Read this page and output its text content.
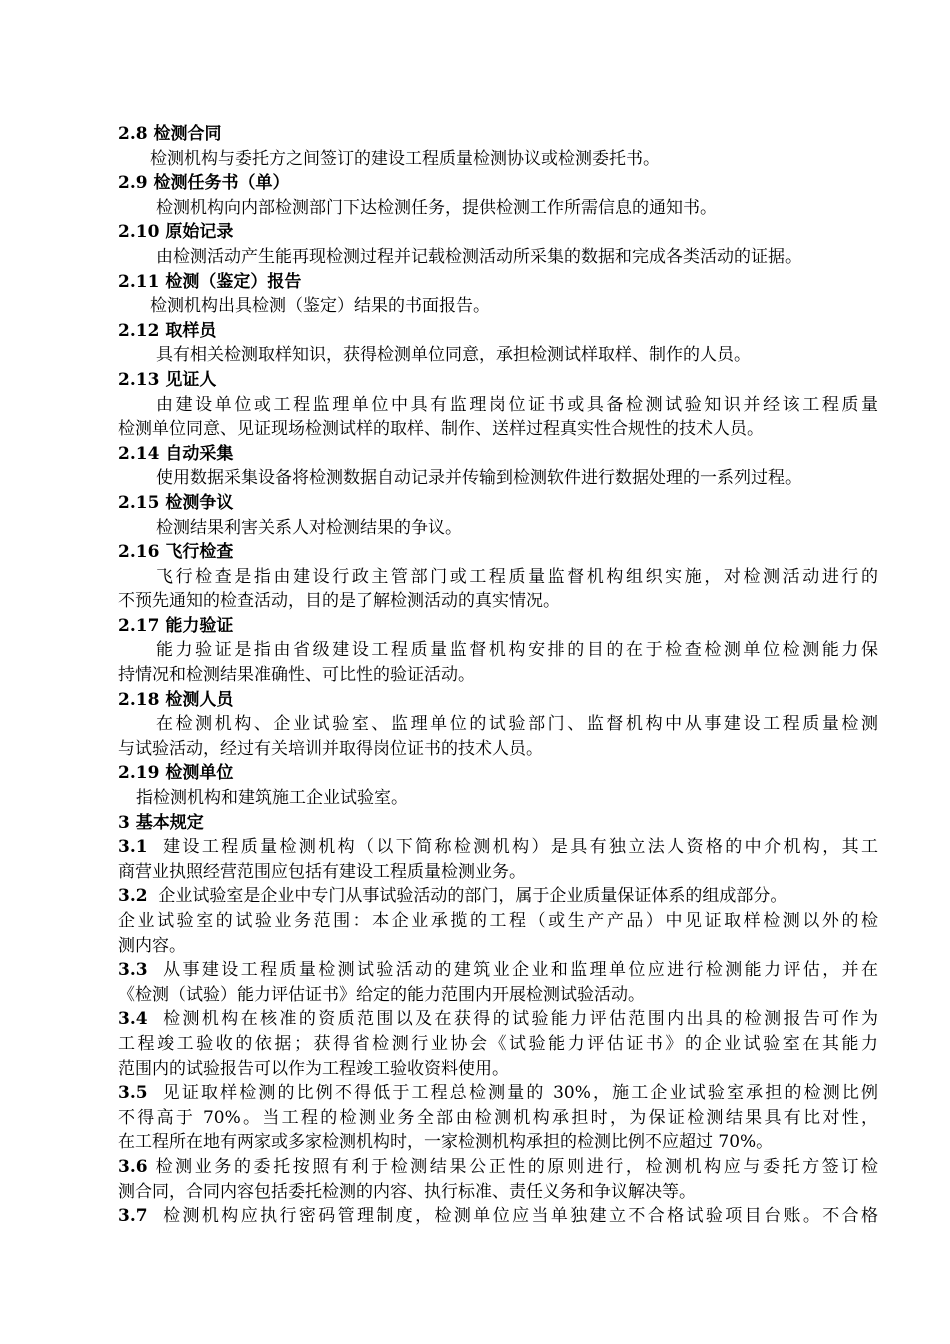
2.8 检测合同
检测机构与委托方之间签订的建设工程质量检测协议或检测委托书。
2.9 检测任务书（单）
检测机构向内部检测部门下达检测任务，提供检测工作所需信息的通知书。
2.10 原始记录
由检测活动产生能再现检测过程并记载检测活动所采集的数据和完成各类活动的证据。
2.11 检测（鉴定）报告
检测机构出具检测（鉴定）结果的书面报告。
2.12 取样员
具有相关检测取样知识，获得检测单位同意，承担检测试样取样、制作的人员。
2.13 见证人
由建设单位或工程监理单位中具有监理岗位证书或具备检测试验知识并经该工程质量
检测单位同意、见证现场检测试样的取样、制作、送样过程真实性合规性的技术人员。
2.14 自动采集
使用数据采集设备将检测数据自动记录并传输到检测软件进行数据处理的一系列过程。
2.15 检测争议
检测结果利害关系人对检测结果的争议。
2.16 飞行检查
飞行检查是指由建设行政主管部门或工程质量监督机构组织实施，对检测活动进行的
不预先通知的检查活动，目的是了解检测活动的真实情况。
2.17 能力验证
能力验证是指由省级建设工程质量监督机构安排的目的在于检查检测单位检测能力保
持情况和检测结果准确性、可比性的验证活动。
2.18 检测人员
在检测机构、企业试验室、监理单位的试验部门、监督机构中从事建设工程质量检测
与试验活动，经过有关培训并取得岗位证书的技术人员。
2.19 检测单位
指检测机构和建筑施工企业试验室。
3 基本规定
3.1  建设工程质量检测机构（以下简称检测机构）是具有独立法人资格的中介机构，其工
商营业执照经营范围应包括有建设工程质量检测业务。
3.2  企业试验室是企业中专门从事试验活动的部门，属于企业质量保证体系的组成部分。
企业试验室的试验业务范围：本企业承揽的工程（或生产产品）中见证取样检测以外的检
测内容。
3.3  从事建设工程质量检测试验活动的建筑业企业和监理单位应进行检测能力评估，并在
《检测（试验）能力评估证书》给定的能力范围内开展检测试验活动。
3.4  检测机构在核准的资质范围以及在获得的试验能力评估范围内出具的检测报告可作为
工程竣工验收的依据；获得省检测行业协会《试验能力评估证书》的企业试验室在其能力
范围内的试验报告可以作为工程竣工验收资料使用。
3.5  见证取样检测的比例不得低于工程总检测量的 30%，施工企业试验室承担的检测比例
不得高于 70%。当工程的检测业务全部由检测机构承担时，为保证检测结果具有比对性，
在工程所在地有两家或多家检测机构时，一家检测机构承担的检测比例不应超过 70%。
3.6 检测业务的委托按照有利于检测结果公正性的原则进行，检测机构应与委托方签订检
测合同，合同内容包括委托检测的内容、执行标准、责任义务和争议解决等。
3.7  检测机构应执行密码管理制度，检测单位应当单独建立不合格试验项目台账。不合格
